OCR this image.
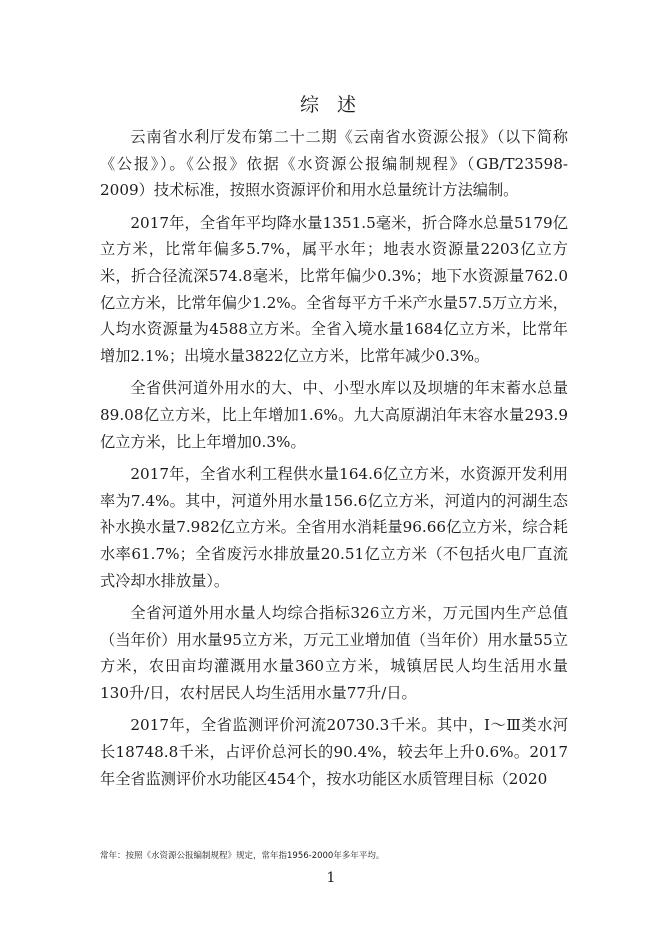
综 述

云南省水利厅发布第二十二期《云南省水资源公报》（以下简称《公报》）。《公报》依据《水资源公报编制规程》（GB/T23598-2009）技术标准，按照水资源评价和用水总量统计方法编制。

2017年，全省年平均降水量1351.5毫米，折合降水总量5179亿立方米，比常年偏多5.7%，属平水年；地表水资源量2203亿立方米，折合径流深574.8毫米，比常年偏少0.3%；地下水资源量762.0亿立方米，比常年偏少1.2%。全省每平方千米产水量57.5万立方米，人均水资源量为4588立方米。全省入境水量1684亿立方米，比常年增加2.1%；出境水量3822亿立方米，比常年减少0.3%。

全省供河道外用水的大、中、小型水库以及坝塘的年末蓄水总量89.08亿立方米，比上年增加1.6%。九大高原湖泊年末容水量293.9亿立方米，比上年增加0.3%。

2017年，全省水利工程供水量164.6亿立方米，水资源开发利用率为7.4%。其中，河道外用水量156.6亿立方米，河道内的河湖生态补水换水量7.982亿立方米。全省用水消耗量96.66亿立方米，综合耗水率61.7%；全省废污水排放量20.51亿立方米（不包括火电厂直流式冷却水排放量）。

全省河道外用水量人均综合指标326立方米，万元国内生产总值（当年价）用水量95立方米，万元工业增加值（当年价）用水量55立方米，农田亩均灌溉用水量360立方米，城镇居民人均生活用水量130升/日，农村居民人均生活用水量77升/日。

2017年，全省监测评价河流20730.3千米。其中，Ⅰ～Ⅲ类水河长18748.8千米，占评价总河长的90.4%，较去年上升0.6%。2017年全省监测评价水功能区454个，按水功能区水质管理目标（2020

常年：按照《水资源公报编制规程》规定，常年指1956-2000年多年平均。
1
